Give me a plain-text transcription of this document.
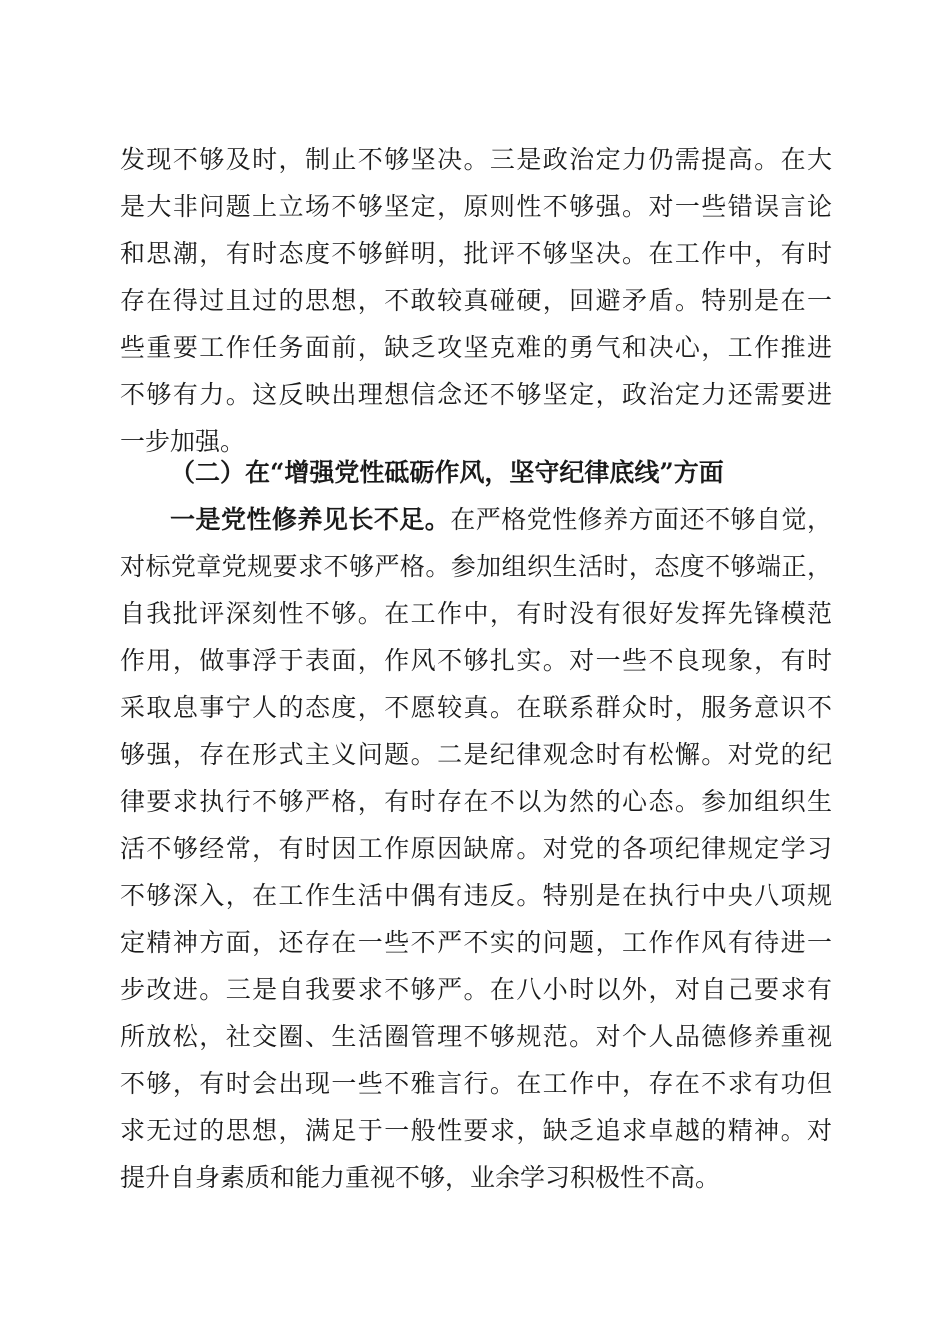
发现不够及时，制止不够坚决。三是政治定力仍需提高。在大
是大非问题上立场不够坚定，原则性不够强。对一些错误言论
和思潮，有时态度不够鲜明，批评不够坚决。在工作中，有时
存在得过且过的思想，不敢较真碰硬，回避矛盾。特别是在一
些重要工作任务面前，缺乏攻坚克难的勇气和决心，工作推进
不够有力。这反映出理想信念还不够坚定，政治定力还需要进
一步加强。
（二）在“增强党性砥砺作风，坚守纪律底线”方面
一是党性修养见长不足。在严格党性修养方面还不够自觉，
对标党章党规要求不够严格。参加组织生活时，态度不够端正，
自我批评深刻性不够。在工作中，有时没有很好发挥先锋模范
作用，做事浮于表面，作风不够扎实。对一些不良现象，有时
采取息事宁人的态度，不愿较真。在联系群众时，服务意识不
够强，存在形式主义问题。二是纪律观念时有松懈。对党的纪
律要求执行不够严格，有时存在不以为然的心态。参加组织生
活不够经常，有时因工作原因缺席。对党的各项纪律规定学习
不够深入，在工作生活中偶有违反。特别是在执行中央八项规
定精神方面，还存在一些不严不实的问题，工作作风有待进一
步改进。三是自我要求不够严。在八小时以外，对自己要求有
所放松，社交圈、生活圈管理不够规范。对个人品德修养重视
不够，有时会出现一些不雅言行。在工作中，存在不求有功但
求无过的思想，满足于一般性要求，缺乏追求卓越的精神。对
提升自身素质和能力重视不够，业余学习积极性不高。
